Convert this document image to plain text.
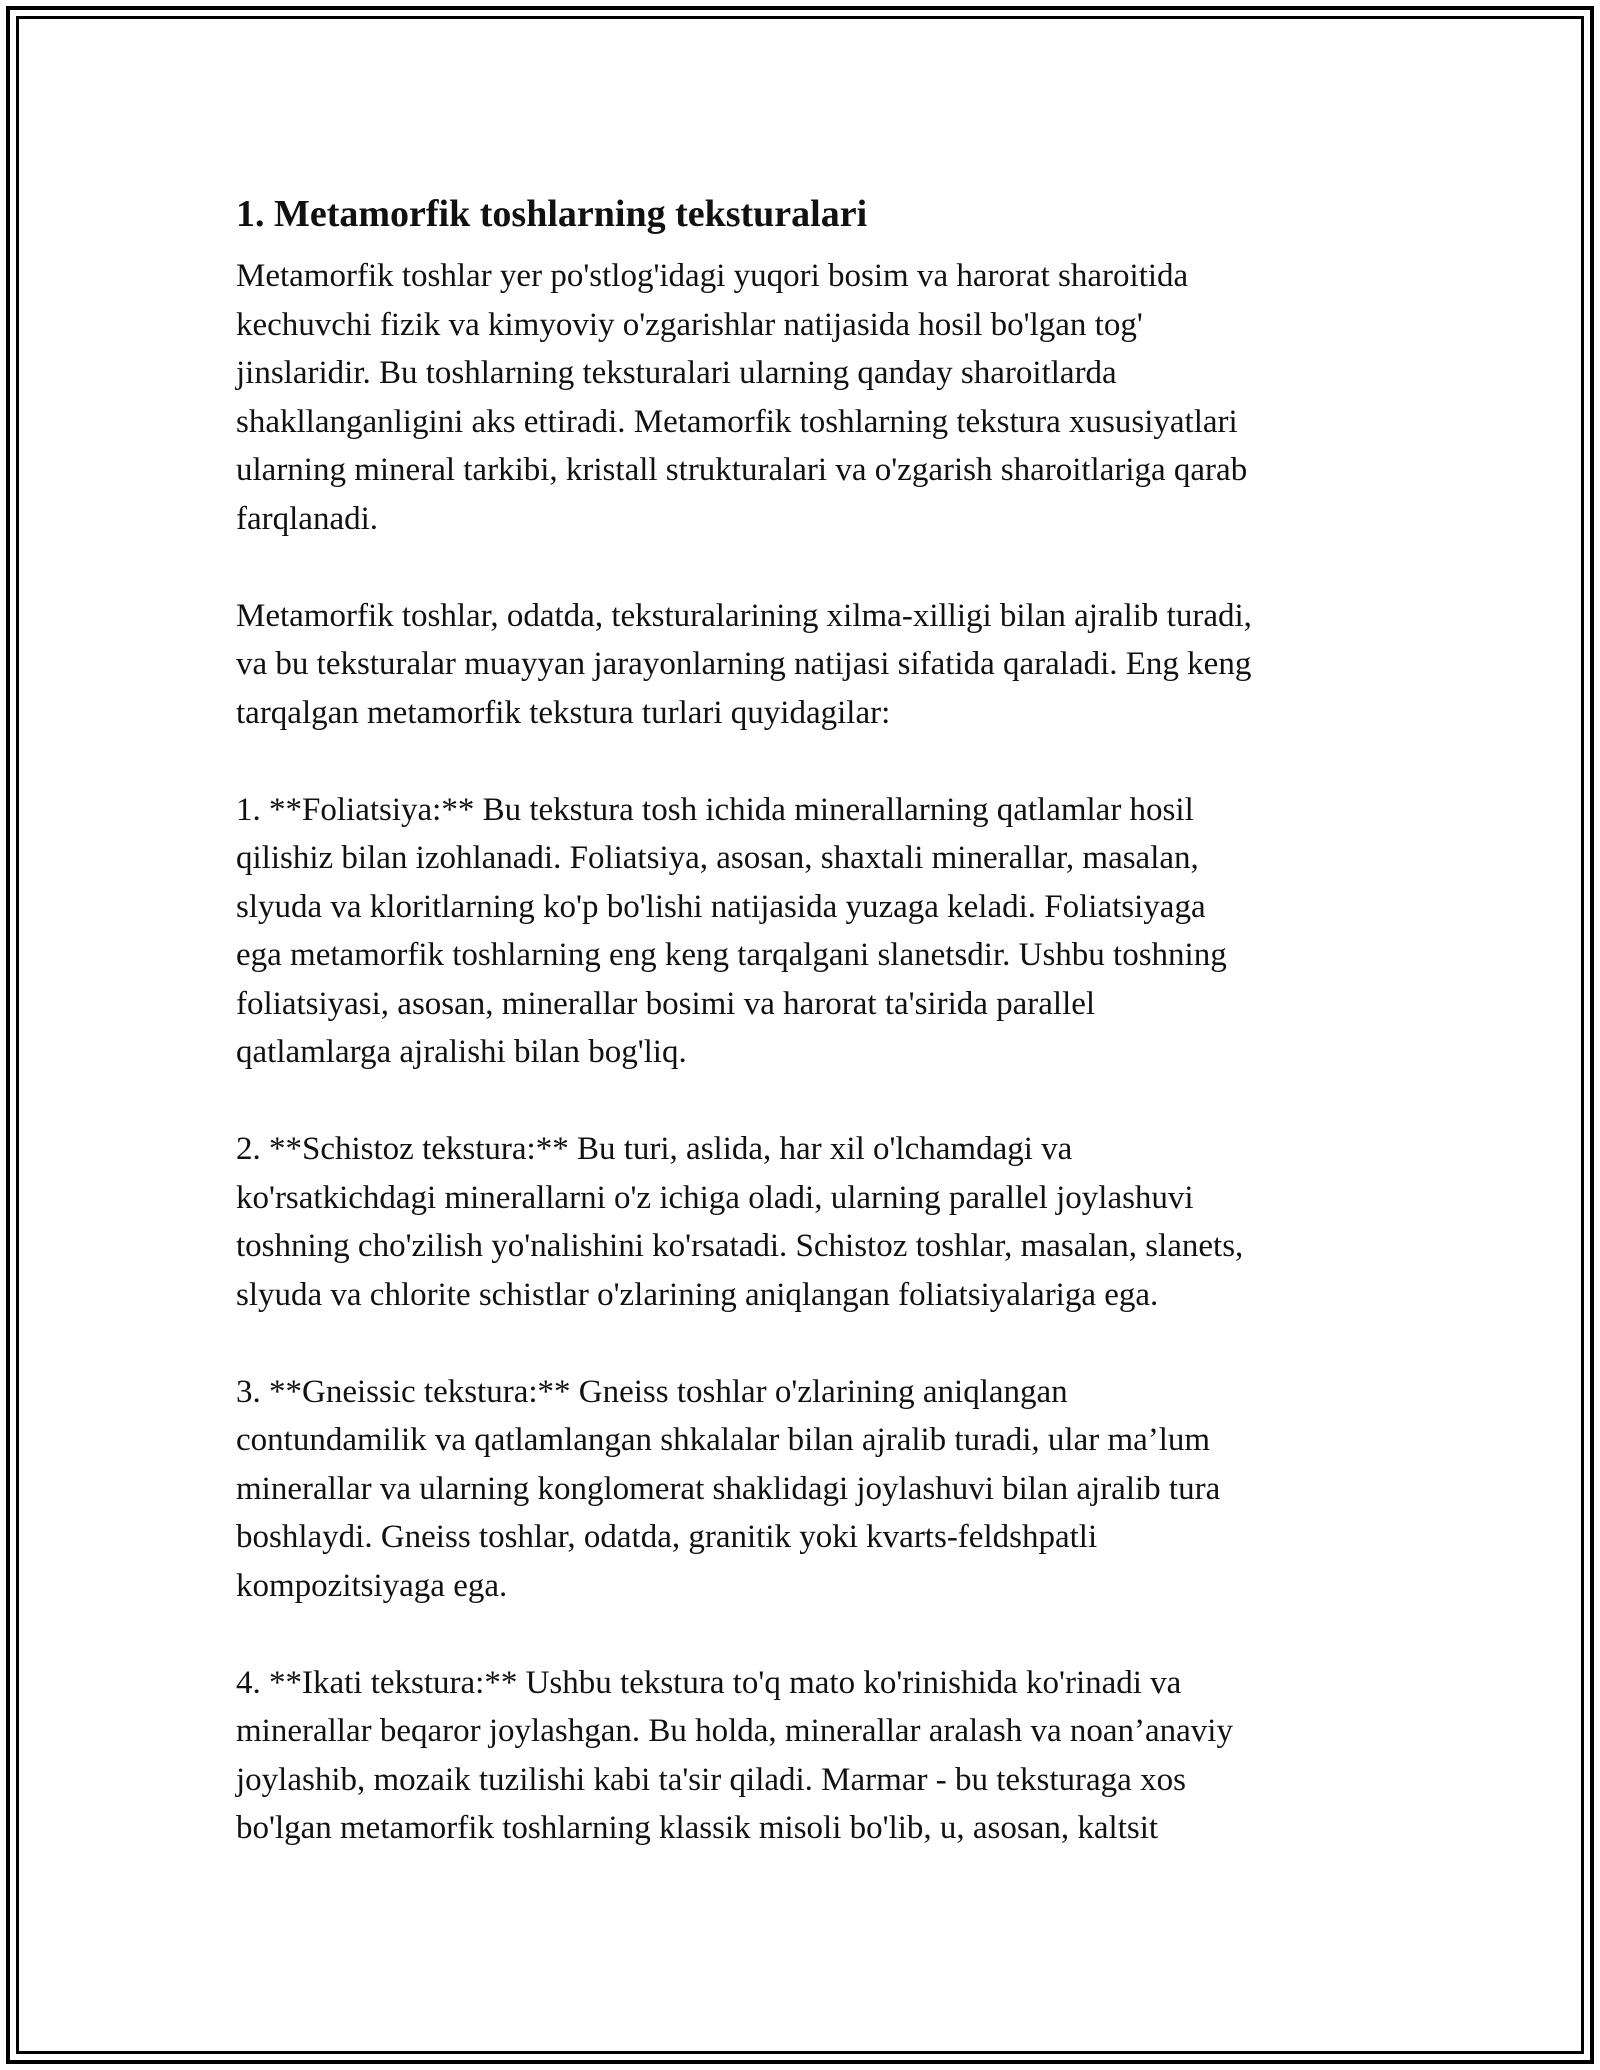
1. Metamorfik toshlarning teksturalari

Metamorfik toshlar yer po'stlog'idagi yuqori bosim va harorat sharoitida
kechuvchi fizik va kimyoviy o'zgarishlar natijasida hosil bo'lgan tog'
jinslaridir. Bu toshlarning teksturalari ularning qanday sharoitlarda
shakllanganligini aks ettiradi. Metamorfik toshlarning tekstura xususiyatlari
ularning mineral tarkibi, kristall strukturalari va o'zgarish sharoitlariga qarab
farqlanadi.

Metamorfik toshlar, odatda, teksturalarining xilma-xilligi bilan ajralib turadi,
va bu teksturalar muayyan jarayonlarning natijasi sifatida qaraladi. Eng keng
tarqalgan metamorfik tekstura turlari quyidagilar:

1. **Foliatsiya:** Bu tekstura tosh ichida minerallarning qatlamlar hosil
qilishiz bilan izohlanadi. Foliatsiya, asosan, shaxtali minerallar, masalan,
slyuda va kloritlarning ko'p bo'lishi natijasida yuzaga keladi. Foliatsiyaga
ega metamorfik toshlarning eng keng tarqalgani slanetsdir. Ushbu toshning
foliatsiyasi, asosan, minerallar bosimi va harorat ta'sirida parallel
qatlamlarga ajralishi bilan bog'liq.

2. **Schistoz tekstura:** Bu turi, aslida, har xil o'lchamdagi va
ko'rsatkichdagi minerallarni o'z ichiga oladi, ularning parallel joylashuvi
toshning cho'zilish yo'nalishini ko'rsatadi. Schistoz toshlar, masalan, slanets,
slyuda va chlorite schistlar o'zlarining aniqlangan foliatsiyalariga ega.

3. **Gneissic tekstura:** Gneiss toshlar o'zlarining aniqlangan
contundamilik va qatlamlangan shkalalar bilan ajralib turadi, ular ma’lum
minerallar va ularning konglomerat shaklidagi joylashuvi bilan ajralib tura
boshlaydi. Gneiss toshlar, odatda, granitik yoki kvarts-feldshpatli
kompozitsiyaga ega.

4. **Ikati tekstura:** Ushbu tekstura to'q mato ko'rinishida ko'rinadi va
minerallar beqaror joylashgan. Bu holda, minerallar aralash va noan’anaviy
joylashib, mozaik tuzilishi kabi ta'sir qiladi. Marmar - bu teksturaga xos
bo'lgan metamorfik toshlarning klassik misoli bo'lib, u, asosan, kaltsit
